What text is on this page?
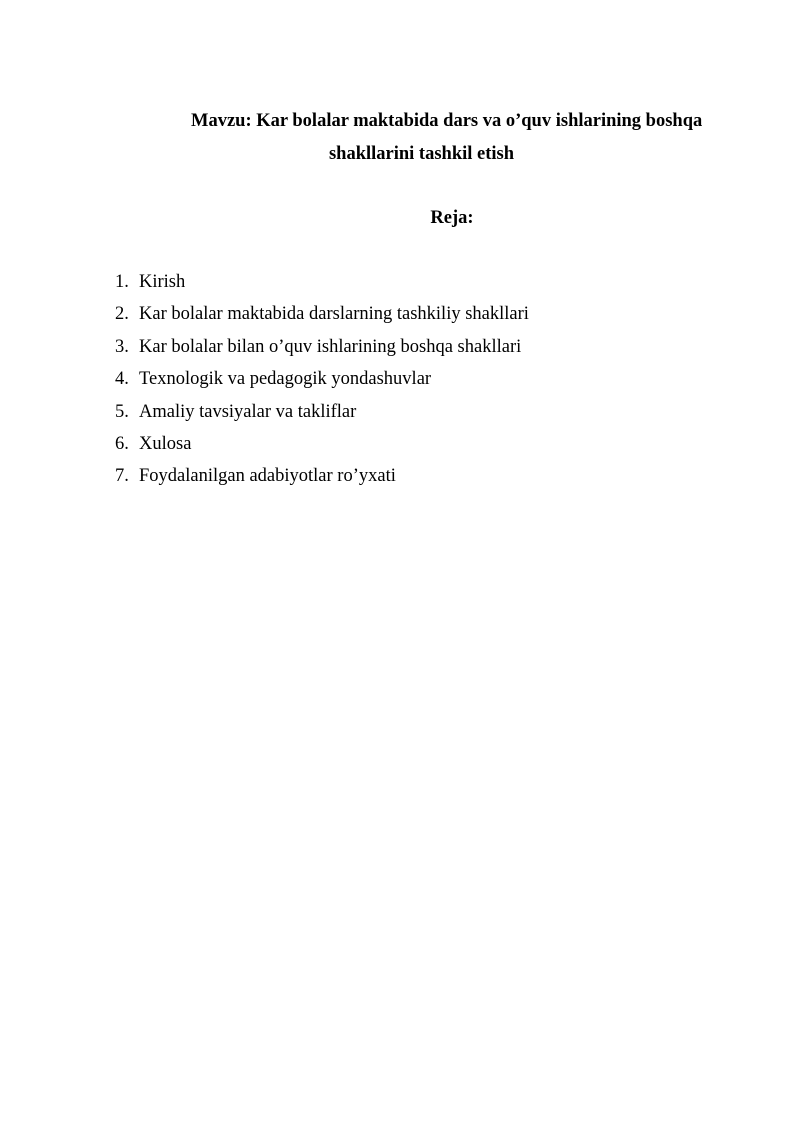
Mavzu: Kar bolalar maktabida dars va o’quv ishlarining boshqa
shakllarini tashkil etish
Reja:
1. Kirish
2. Kar bolalar maktabida darslarning tashkiliy shakllari
3. Kar bolalar bilan o’quv ishlarining boshqa shakllari
4. Texnologik va pedagogik yondashuvlar
5. Amaliy tavsiyalar va takliflar
6. Xulosa
7. Foydalanilgan adabiyotlar ro’yxati
